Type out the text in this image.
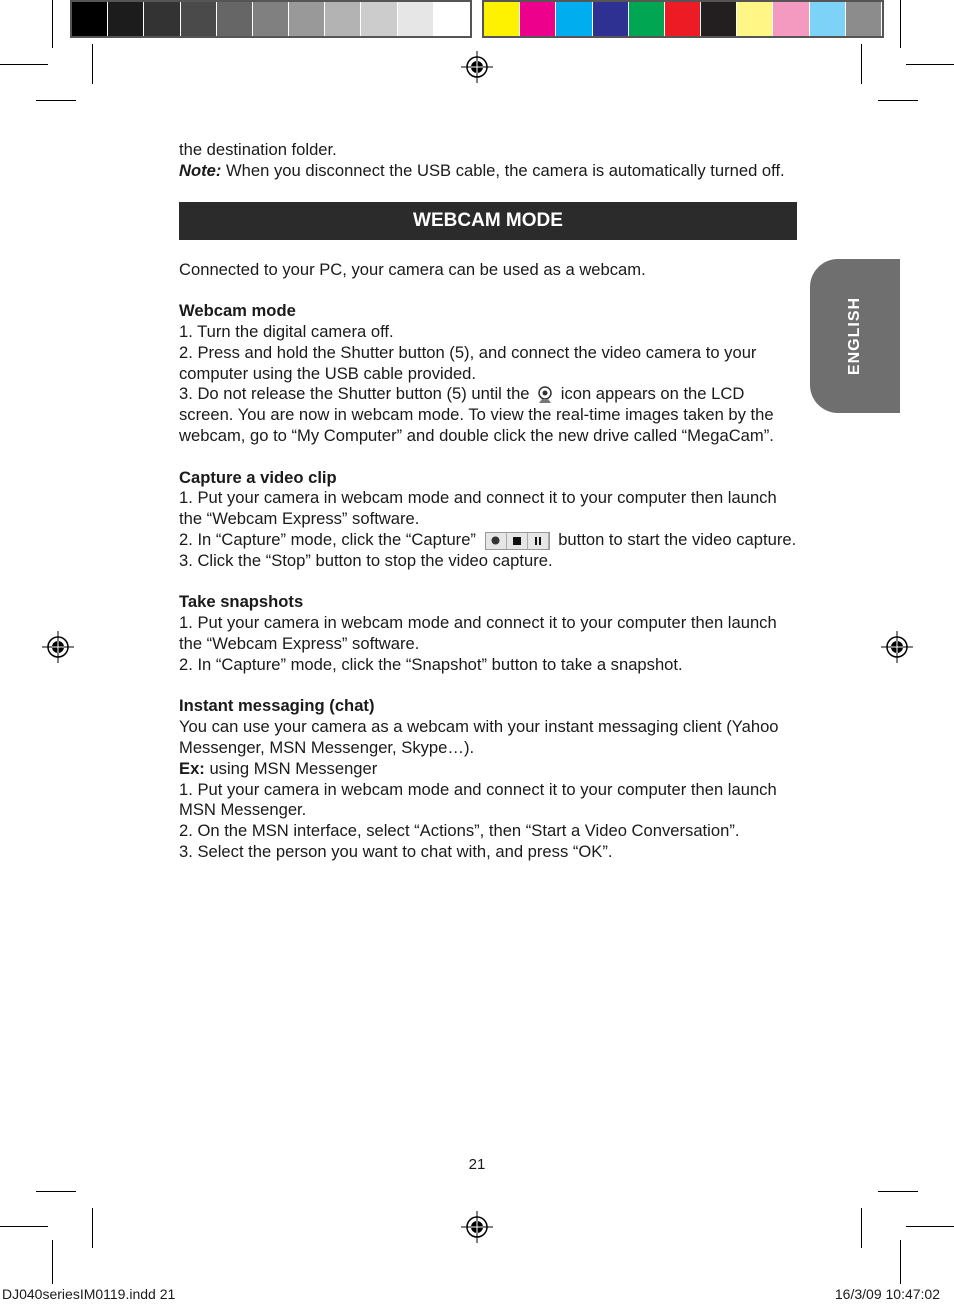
ENGLISH

the destination folder.

Note: When you disconnect the USB cable, the camera is automatically turned off.

WEBCAM MODE

Connected to your PC, your camera can be used as a webcam.

Webcam mode

1. Turn the digital camera off.

2. Press and hold the Shutter button (5), and connect the video camera to your computer using the USB cable provided.

3. Do not release the Shutter button (5) until the  icon appears on the LCD screen. You are now in webcam mode. To view the real-time images taken by the webcam, go to “My Computer” and double click the new drive called “MegaCam”.

Capture a video clip

1. Put your camera in webcam mode and connect it to your computer then launch the “Webcam Express” software.

2. In “Capture” mode, click the “Capture”	button to start the video capture.

3. Click the “Stop” button to stop the video capture.

Take snapshots

1. Put your camera in webcam mode and connect it to your computer then launch the “Webcam Express” software.

2. In “Capture” mode, click the “Snapshot” button to take a snapshot.

Instant messaging (chat)

You can use your camera as a webcam with your instant messaging client (Yahoo Messenger, MSN Messenger, Skype…).

Ex: using MSN Messenger

1. Put your camera in webcam mode and connect it to your computer then launch MSN Messenger.

2. On the MSN interface, select “Actions”, then “Start a Video Conversation”.

3. Select the person you want to chat with, and press “OK”.

21
DJ040seriesIM0119.indd 21	16/3/09 10:47:02
